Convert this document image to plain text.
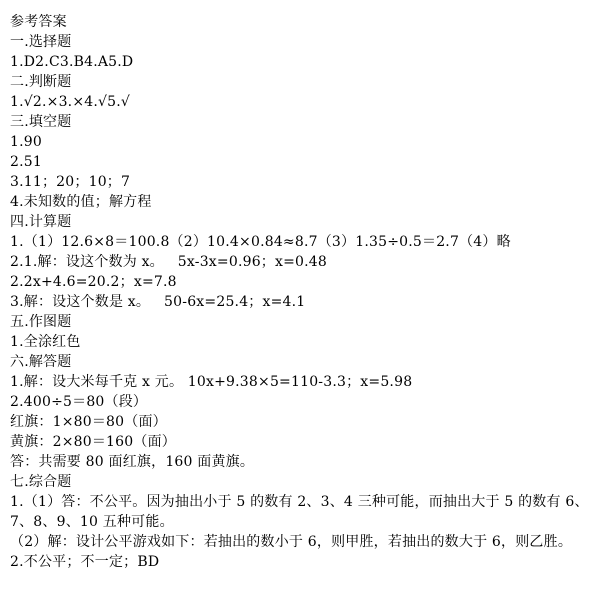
参考答案
一.选择题
1.D2.C3.B4.A5.D
二.判断题
1.√2.×3.×4.√5.√
三.填空题
1.90
2.51
3.11；20；10；7
4.未知数的值；解方程
四.计算题
1.（1）12.6×8＝100.8（2）10.4×0.84≈8.7（3）1.35÷0.5＝2.7（4）略
2.1.解：设这个数为 x。   5x-3x=0.96；x=0.48
2.2x+4.6=20.2；x=7.8
3.解：设这个数是 x。   50-6x=25.4；x=4.1
五.作图题
1.全涂红色
六.解答题
1.解：设大米每千克 x 元。 10x+9.38×5=110-3.3；x=5.98
2.400÷5＝80（段）
红旗：1×80＝80（面）
黄旗：2×80＝160（面）
答：共需要 80 面红旗，160 面黄旗。
七.综合题
1.（1）答：不公平。因为抽出小于 5 的数有 2、3、4 三种可能，而抽出大于 5 的数有 6、7、8、9、10 五种可能。
（2）解：设计公平游戏如下：若抽出的数小于 6，则甲胜，若抽出的数大于 6，则乙胜。
2.不公平；不一定；BD
